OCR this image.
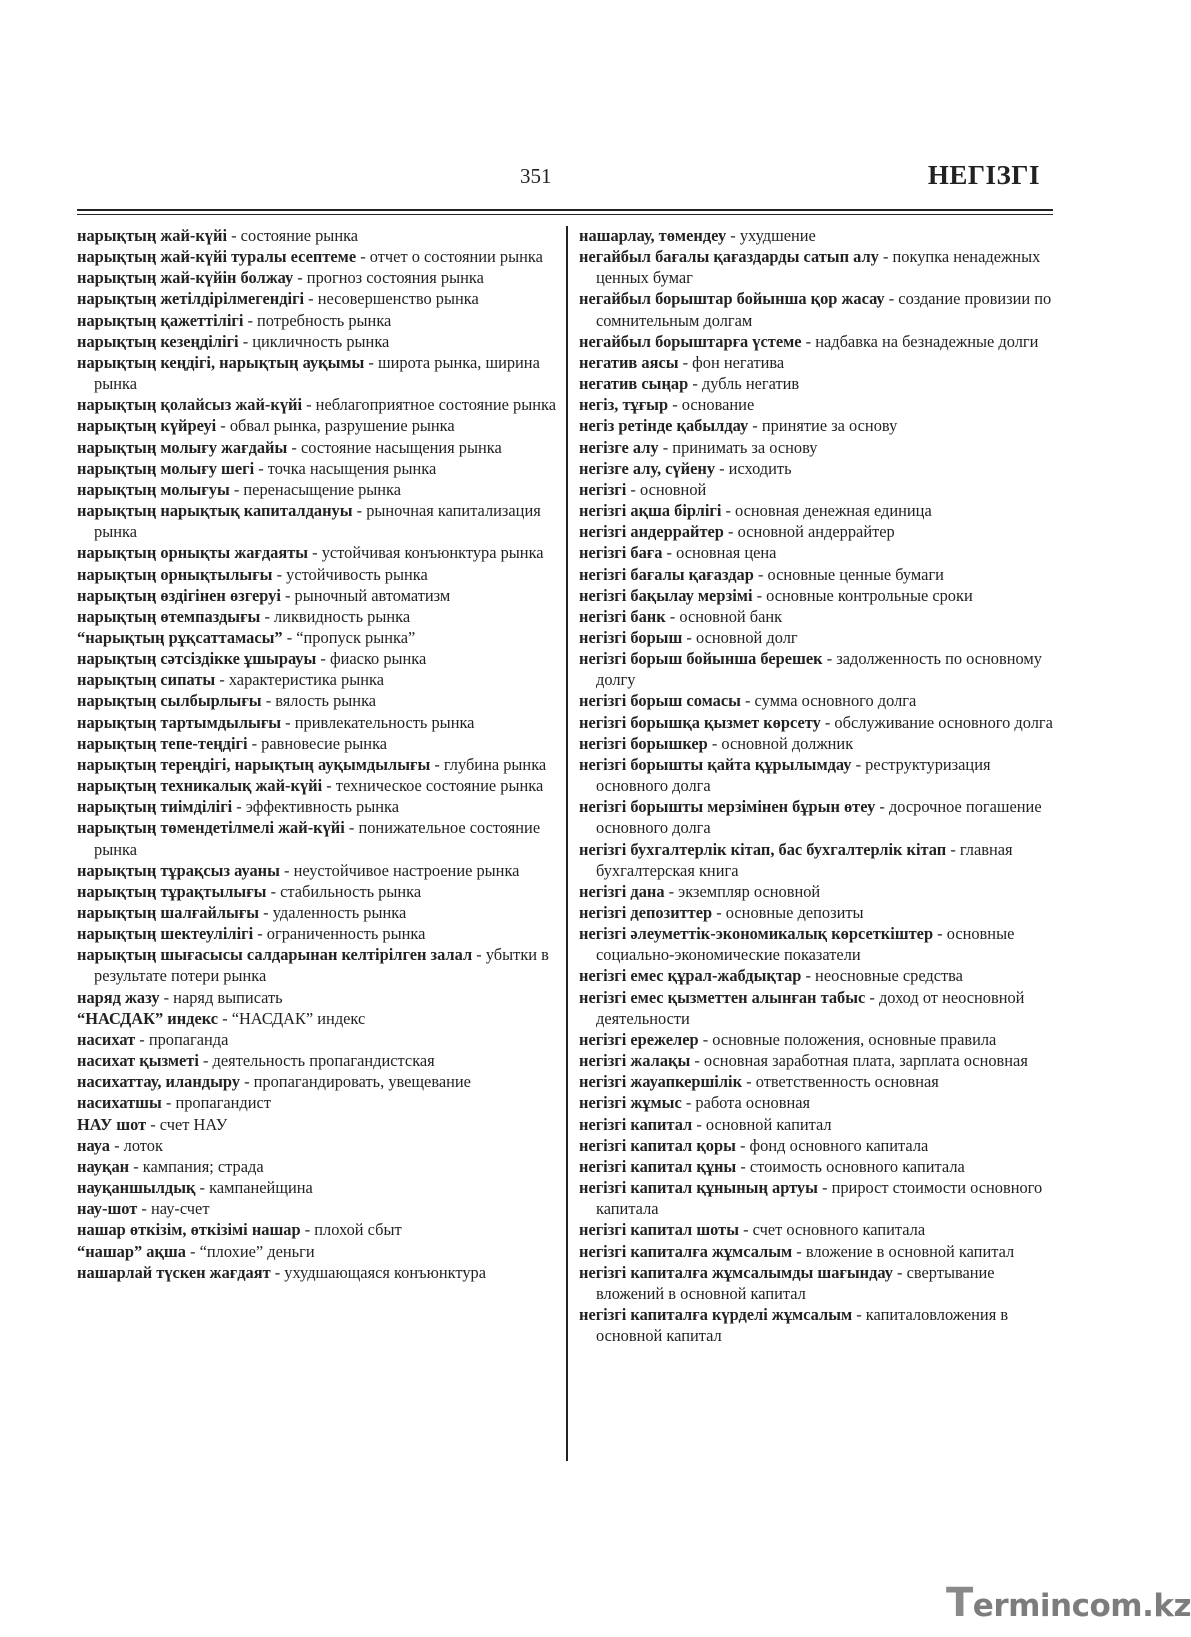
351	НЕГІЗГІ
нарықтың жай-күйі - состояние рынка
нарықтың жай-күйі туралы есептеме - отчет о состоянии рынка
нарықтың жай-күйін болжау - прогноз состояния рынка
нарықтың жетілдірілмегендігі - несовершенство рынка
нарықтың қажеттілігі - потребность рынка
нарықтың кезеңділігі - цикличность рынка
нарықтың кеңдігі, нарықтың ауқымы - широта рынка, ширина рынка
нарықтың қолайсыз жай-күйі - неблагоприятное состояние рынка
нарықтың күйреуі - обвал рынка, разрушение рынка
нарықтың молығу жағдайы - состояние насыщения рынка
нарықтың молығу шегі - точка насыщения рынка
нарықтың молығуы - перенасыщение рынка
нарықтың нарықтық капиталдануы - рыночная капитализация рынка
нарықтың орнықты жағдаяты - устойчивая конъюнктура рынка
нарықтың орнықтылығы - устойчивость рынка
нарықтың өздігінен өзгеруі - рыночный автоматизм
нарықтың өтемпаздығы - ликвидность рынка
“нарықтың рұқсаттамасы” - “пропуск рынка”
нарықтың сәтсіздікке ұшырауы - фиаско рынка
нарықтың сипаты - характеристика рынка
нарықтың сылбырлығы - вялость рынка
нарықтың тартымдылығы - привлекательность рынка
нарықтың тепе-теңдігі - равновесие рынка
нарықтың тереңдігі, нарықтың ауқымдылығы - глубина рынка
нарықтың техникалық жай-күйі - техническое состояние рынка
нарықтың тиімділігі - эффективность рынка
нарықтың төмендетілмелі жай-күйі - понижательное состояние рынка
нарықтың тұрақсыз ауаны - неустойчивое настроение рынка
нарықтың тұрақтылығы - стабильность рынка
нарықтың шалғайлығы - удаленность рынка
нарықтың шектеулілігі - ограниченность рынка
нарықтың шығасысы салдарынан келтірілген залал - убытки в результате потери рынка
наряд жазу - наряд выписать
“НАСДАК” индекс - “НАСДАК” индекс
насихат - пропаганда
насихат қызметі - деятельность пропагандистская
насихаттау, иландыру - пропагандировать, увещевание
насихатшы - пропагандист
НАУ шот - счет НАУ
науа - лоток
науқан - кампания; страда
науқаншылдық - кампанейщина
нау-шот - нау-счет
нашар өткізім, өткізімі нашар - плохой сбыт
“нашар” ақша - “плохие” деньги
нашарлай түскен жағдаят - ухудшающаяся конъюнктура
нашарлау, төмендеу - ухудшение
негайбыл бағалы қағаздарды сатып алу - покупка ненадежных ценных бумаг
негайбыл борыштар бойынша қор жасау - создание провизии по сомнительным долгам
негайбыл борыштарға үстеме - надбавка на безнадежные долги
негатив аясы - фон негатива
негатив сыңар - дубль негатив
негіз, тұғыр - основание
негіз ретінде қабылдау - принятие за основу
негізге алу - принимать за основу
негізге алу, сүйену - исходить
негізгі - основной
негізгі ақша бірлігі - основная денежная единица
негізгі андеррайтер - основной андеррайтер
негізгі баға - основная цена
негізгі бағалы қағаздар - основные ценные бумаги
негізгі бақылау мерзімі - основные контрольные сроки
негізгі банк - основной банк
негізгі борыш - основной долг
негізгі борыш бойынша берешек - задолженность по основному долгу
негізгі борыш сомасы - сумма основного долга
негізгі борышқа қызмет көрсету - обслуживание основного долга
негізгі борышкер - основной должник
негізгі борышты қайта құрылымдау - реструктуризация основного долга
негізгі борышты мерзімінен бұрын өтеу - досрочное погашение основного долга
негізгі бухгалтерлік кітап, бас бухгалтерлік кітап - главная бухгалтерская книга
негізгі дана - экземпляр основной
негізгі депозиттер - основные депозиты
негізгі әлеуметтік-экономикалық көрсеткіштер - основные социально-экономические показатели
негізгі емес құрал-жабдықтар - неосновные средства
негізгі емес қызметтен алынған табыс - доход от неосновной деятельности
негізгі ережелер - основные положения, основные правила
негізгі жалақы - основная заработная плата, зарплата основная
негізгі жауапкершілік - ответственность основная
негізгі жұмыс - работа основная
негізгі капитал - основной капитал
негізгі капитал қоры - фонд основного капитала
негізгі капитал құны - стоимость основного капитала
негізгі капитал құнының артуы - прирост стоимости основного капитала
негізгі капитал шоты - счет основного капитала
негізгі капиталға жұмсалым - вложение в основной капитал
негізгі капиталға жұмсалымды шағындау - свертывание вложений в основной капитал
негізгі капиталға күрделі жұмсалым - капиталовложения в основной капитал
Termincom.kz
